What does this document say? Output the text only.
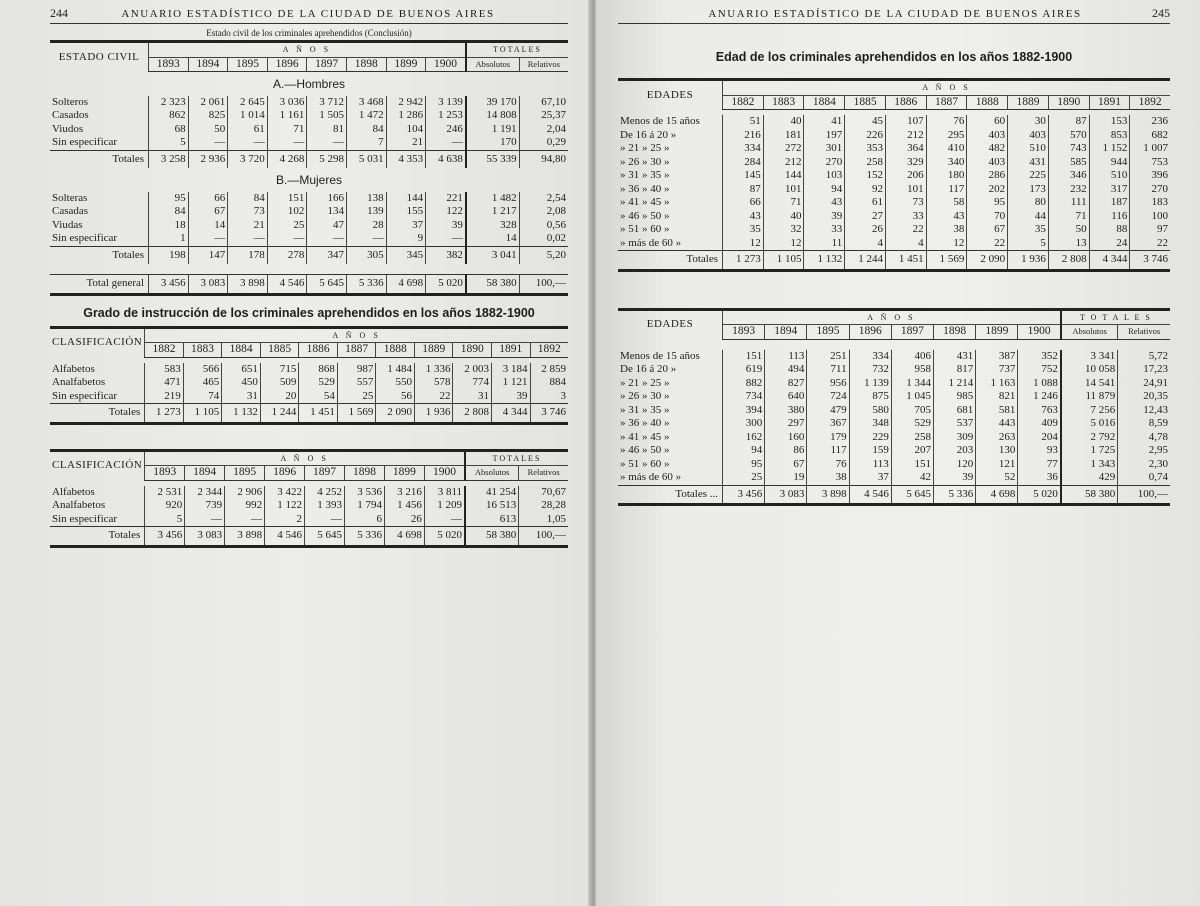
244	ANUARIO ESTADÍSTICO DE LA CIUDAD DE BUENOS AIRES
Estado civil de los criminales aprehendidos (Conclusión)
ESTADO CIVIL	A Ñ O S								TOTALES	
	1893	1894	1895	1896	1897	1898	1899	1900	Absolutos	Relativos
A.—Hombres										
Solteros	2 323	2 061	2 645	3 036	3 712	3 468	2 942	3 139	39 170	67,10
Casados	862	825	1 014	1 161	1 505	1 472	1 286	1 253	14 808	25,37
Viudos	68	50	61	71	81	84	104	246	1 191	2,04
Sin especificar	5	—	—	—	—	7	21	—	170	0,29
Totales	3 258	2 936	3 720	4 268	5 298	5 031	4 353	4 638	55 339	94,80
B.—Mujeres										
Solteras	95	66	84	151	166	138	144	221	1 482	2,54
Casadas	84	67	73	102	134	139	155	122	1 217	2,08
Viudas	18	14	21	25	47	28	37	39	328	0,56
Sin especificar	1	—	—	—	—	—	9	—	14	0,02
Totales	198	147	178	278	347	305	345	382	3 041	5,20

Total general	3 456	3 083	3 898	4 546	5 645	5 336	4 698	5 020	58 380	100,—
Grado de instrucción de los criminales aprehendidos en los años 1882-1900
CLASIFICACIÓN	A Ñ O S										
	1882	1883	1884	1885	1886	1887	1888	1889	1890	1891	1892

Alfabetos	583	566	651	715	868	987	1 484	1 336	2 003	3 184	2 859
Analfabetos	471	465	450	509	529	557	550	578	774	1 121	884
Sin especificar	219	74	31	20	54	25	56	22	31	39	3
Totales	1 273	1 105	1 132	1 244	1 451	1 569	2 090	1 936	2 808	4 344	3 746
CLASIFICACIÓN	A Ñ O S								TOTALES	
	1893	1894	1895	1896	1897	1898	1899	1900	Absolutos	Relativos

Alfabetos	2 531	2 344	2 906	3 422	4 252	3 536	3 216	3 811	41 254	70,67
Analfabetos	920	739	992	1 122	1 393	1 794	1 456	1 209	16 513	28,28
Sin especificar	5	—	—	2	—	6	26	—	613	1,05
Totales	3 456	3 083	3 898	4 546	5 645	5 336	4 698	5 020	58 380	100,—
ANUARIO ESTADÍSTICO DE LA CIUDAD DE BUENOS AIRES	245
Edad de los criminales aprehendidos en los años 1882-1900
EDADES	A Ñ O S										
	1882	1883	1884	1885	1886	1887	1888	1889	1890	1891	1892

Menos de 15 años	51	40	41	45	107	76	60	30	87	153	236
De 16 á 20 »	216	181	197	226	212	295	403	403	570	853	682
» 21 » 25 »	334	272	301	353	364	410	482	510	743	1 152	1 007
» 26 » 30 »	284	212	270	258	329	340	403	431	585	944	753
» 31 » 35 »	145	144	103	152	206	180	286	225	346	510	396
» 36 » 40 »	87	101	94	92	101	117	202	173	232	317	270
» 41 » 45 »	66	71	43	61	73	58	95	80	111	187	183
» 46 » 50 »	43	40	39	27	33	43	70	44	71	116	100
» 51 » 60 »	35	32	33	26	22	38	67	35	50	88	97
» más de 60 »	12	12	11	4	4	12	22	5	13	24	22
Totales	1 273	1 105	1 132	1 244	1 451	1 569	2 090	1 936	2 808	4 344	3 746
EDADES	A Ñ O S								T O T A L E S	
	1893	1894	1895	1896	1897	1898	1899	1900	Absolutos	Relativos

Menos de 15 años	151	113	251	334	406	431	387	352	3 341	5,72
De 16 á 20 »	619	494	711	732	958	817	737	752	10 058	17,23
» 21 » 25 »	882	827	956	1 139	1 344	1 214	1 163	1 088	14 541	24,91
» 26 » 30 »	734	640	724	875	1 045	985	821	1 246	11 879	20,35
» 31 » 35 »	394	380	479	580	705	681	581	763	7 256	12,43
» 36 » 40 »	300	297	367	348	529	537	443	409	5 016	8,59
» 41 » 45 »	162	160	179	229	258	309	263	204	2 792	4,78
» 46 » 50 »	94	86	117	159	207	203	130	93	1 725	2,95
» 51 » 60 »	95	67	76	113	151	120	121	77	1 343	2,30
» más de 60 »	25	19	38	37	42	39	52	36	429	0,74
Totales ...	3 456	3 083	3 898	4 546	5 645	5 336	4 698	5 020	58 380	100,—
